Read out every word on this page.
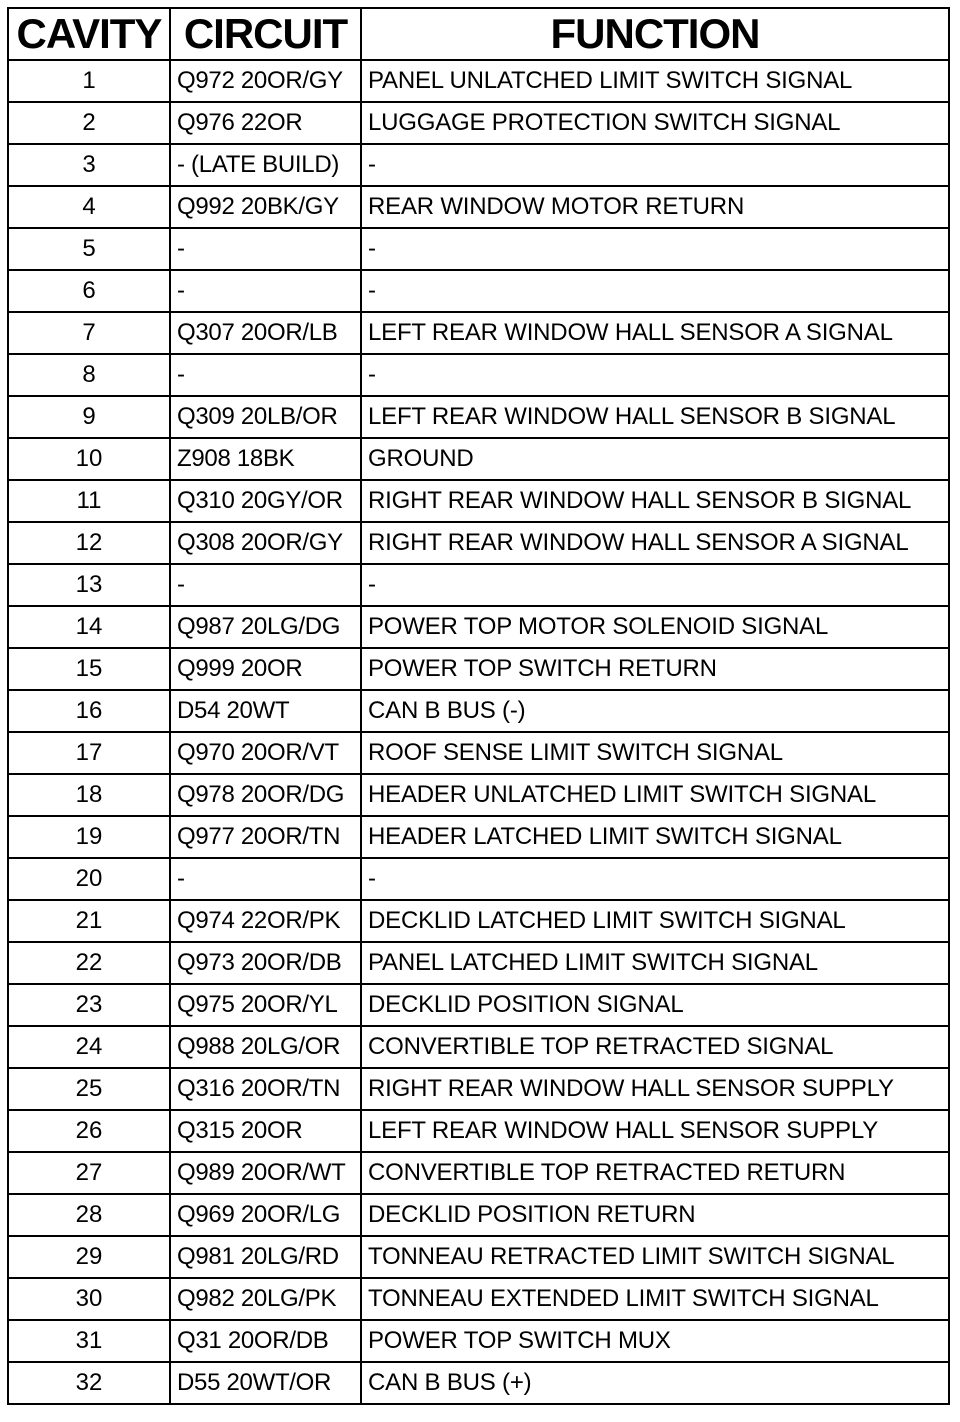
CAVITY	CIRCUIT	FUNCTION
1	Q972 20OR/GY	PANEL UNLATCHED LIMIT SWITCH SIGNAL
2	Q976 22OR	LUGGAGE PROTECTION SWITCH SIGNAL
3	- (LATE BUILD)	-
4	Q992 20BK/GY	REAR WINDOW MOTOR RETURN
5	-	-
6	-	-
7	Q307 20OR/LB	LEFT REAR WINDOW HALL SENSOR A SIGNAL
8	-	-
9	Q309 20LB/OR	LEFT REAR WINDOW HALL SENSOR B SIGNAL
10	Z908 18BK	GROUND
11	Q310 20GY/OR	RIGHT REAR WINDOW HALL SENSOR B SIGNAL
12	Q308 20OR/GY	RIGHT REAR WINDOW HALL SENSOR A SIGNAL
13	-	-
14	Q987 20LG/DG	POWER TOP MOTOR SOLENOID SIGNAL
15	Q999 20OR	POWER TOP SWITCH RETURN
16	D54 20WT	CAN B BUS (-)
17	Q970 20OR/VT	ROOF SENSE LIMIT SWITCH SIGNAL
18	Q978 20OR/DG	HEADER UNLATCHED LIMIT SWITCH SIGNAL
19	Q977 20OR/TN	HEADER LATCHED LIMIT SWITCH SIGNAL
20	-	-
21	Q974 22OR/PK	DECKLID LATCHED LIMIT SWITCH SIGNAL
22	Q973 20OR/DB	PANEL LATCHED LIMIT SWITCH SIGNAL
23	Q975 20OR/YL	DECKLID POSITION SIGNAL
24	Q988 20LG/OR	CONVERTIBLE TOP RETRACTED SIGNAL
25	Q316 20OR/TN	RIGHT REAR WINDOW HALL SENSOR SUPPLY
26	Q315 20OR	LEFT REAR WINDOW HALL SENSOR SUPPLY
27	Q989 20OR/WT	CONVERTIBLE TOP RETRACTED RETURN
28	Q969 20OR/LG	DECKLID POSITION RETURN
29	Q981 20LG/RD	TONNEAU RETRACTED LIMIT SWITCH SIGNAL
30	Q982 20LG/PK	TONNEAU EXTENDED LIMIT SWITCH SIGNAL
31	Q31 20OR/DB	POWER TOP SWITCH MUX
32	D55 20WT/OR	CAN B BUS (+)
